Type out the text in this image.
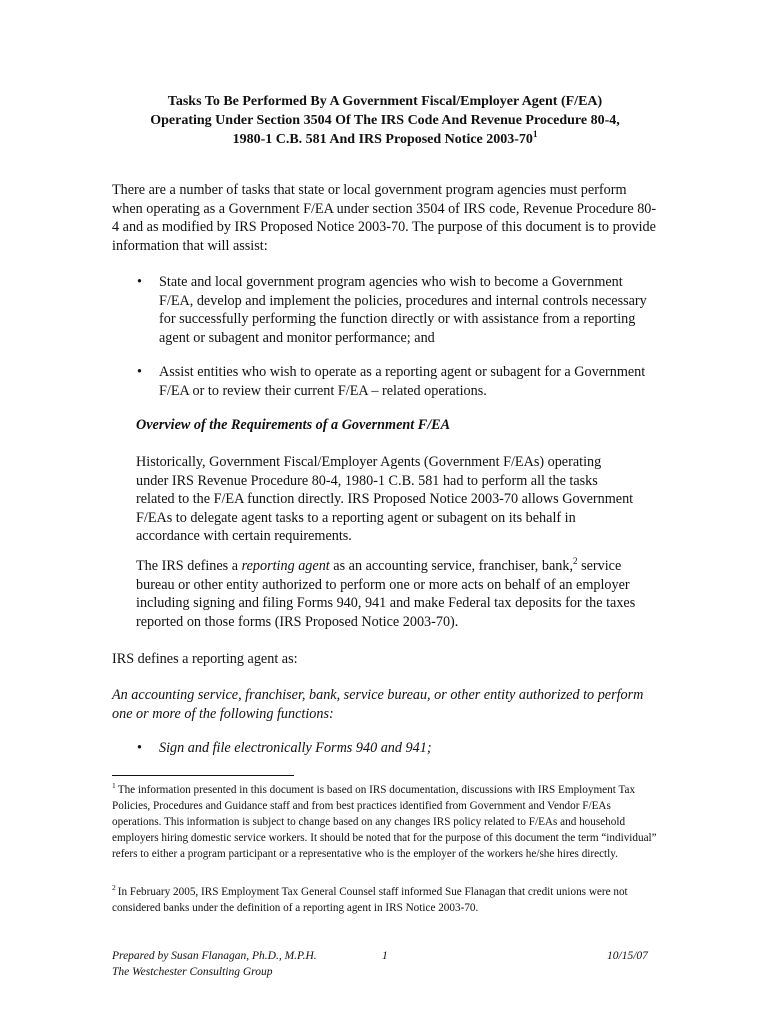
Tasks To Be Performed By A Government Fiscal/Employer Agent (F/EA)
Operating Under Section 3504 Of The IRS Code And Revenue Procedure 80-4,
1980-1 C.B. 581 And IRS Proposed Notice $2003-70^1$

There are a number of tasks that state or local government program agencies must perform when operating as a Government F/EA under section 3504 of IRS code, Revenue Procedure 80-4 and as modified by IRS Proposed Notice 2003-70. The purpose of this document is to provide information that will assist:

• State and local government program agencies who wish to become a Government F/EA, develop and implement the policies, procedures and internal controls necessary for successfully performing the function directly or with assistance from a reporting agent or subagent and monitor performance; and
• Assist entities who wish to operate as a reporting agent or subagent for a Government F/EA or to review their current F/EA – related operations.
Overview of the Requirements of a Government F/EA

Historically, Government Fiscal/Employer Agents (Government F/EAs) operating under IRS Revenue Procedure 80-4, 1980-1 C.B. 581 had to perform all the tasks related to the F/EA function directly. IRS Proposed Notice 2003-70 allows Government F/EAs to delegate agent tasks to a reporting agent or subagent on its behalf in accordance with certain requirements.

The IRS defines a reporting agent as an accounting service, franchiser, bank,$^2$ service bureau or other entity authorized to perform one or more acts on behalf of an employer including signing and filing Forms 940, 941 and make Federal tax deposits for the taxes reported on those forms (IRS Proposed Notice 2003-70).

IRS defines a reporting agent as:

An accounting service, franchiser, bank, service bureau, or other entity authorized to perform one or more of the following functions:

• Sign and file electronically Forms 940 and 941;

$^1$ The information presented in this document is based on IRS documentation, discussions with IRS Employment Tax Policies, Procedures and Guidance staff and from best practices identified from Government and Vendor F/EAs operations. This information is subject to change based on any changes IRS policy related to F/EAs and household employers hiring domestic service workers. It should be noted that for the purpose of this document the term “individual” refers to either a program participant or a representative who is the employer of the workers he/she hires directly.

$^2$ In February 2005, IRS Employment Tax General Counsel staff informed Sue Flanagan that credit unions were not considered banks under the definition of a reporting agent in IRS Notice 2003-70.

Prepared by Susan Flanagan, Ph.D., M.P.H.
The Westchester Consulting Group
1	10/15/07
